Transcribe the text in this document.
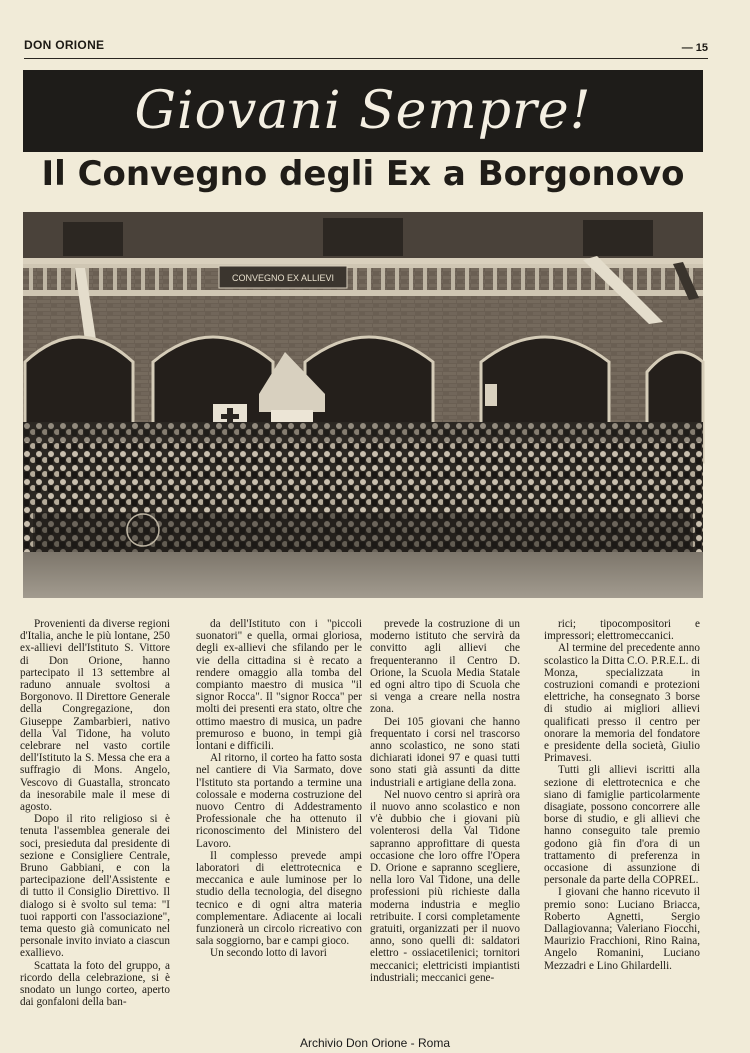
DON ORIONE	— 15
Giovani Sempre!
Il Convegno degli Ex a Borgonovo
CONVEGNO EX ALLIEVI

Provenienti da diverse regioni d'Italia, anche le più lontane, 250 ex-allievi dell'Istituto S. Vittore di Don Orione, hanno partecipato il 13 settembre al raduno annuale svoltosi a Borgonovo. Il Direttore Generale della Congregazione, don Giuseppe Zambarbieri, nativo della Val Tidone, ha voluto celebrare nel vasto cortile dell'Istituto la S. Messa che era a suffragio di Mons. Angelo, Vescovo di Guastalla, stroncato da inesorabile male il mese di agosto.

Dopo il rito religioso si è tenuta l'assemblea generale dei soci, presieduta dal presidente di sezione e Consigliere Centrale, Bruno Gabbiani, e con la partecipazione dell'Assistente e di tutto il Consiglio Direttivo. Il dialogo si è svolto sul tema: "I tuoi rapporti con l'associazione", tema questo già comunicato nel personale invito inviato a ciascun exallievo.

Scattata la foto del gruppo, a ricordo della celebrazione, si è snodato un lungo corteo, aperto dai gonfaloni della ban-

da dell'Istituto con i "piccoli suonatori" e quella, ormai gloriosa, degli ex-allievi che sfilando per le vie della cittadina si è recato a rendere omaggio alla tomba del compianto maestro di musica "il signor Rocca". Il "signor Rocca" per molti dei presenti era stato, oltre che ottimo maestro di musica, un padre premuroso e buono, in tempi già lontani e difficili.

Al ritorno, il corteo ha fatto sosta nel cantiere di Via Sarmato, dove l'Istituto sta portando a termine una colossale e moderna costruzione del nuovo Centro di Addestramento Professionale che ha ottenuto il riconoscimento del Ministero del Lavoro.

Il complesso prevede ampi laboratori di elettrotecnica e meccanica e aule luminose per lo studio della tecnologia, del disegno tecnico e di ogni altra materia complementare. Adiacente ai locali funzionerà un circolo ricreativo con sala soggiorno, bar e campi gioco.

Un secondo lotto di lavori

prevede la costruzione di un moderno istituto che servirà da convitto agli allievi che frequenteranno il Centro D. Orione, la Scuola Media Statale ed ogni altro tipo di Scuola che si venga a creare nella nostra zona.

Dei 105 giovani che hanno frequentato i corsi nel trascorso anno scolastico, ne sono stati dichiarati idonei 97 e quasi tutti sono stati già assunti da ditte industriali e artigiane della zona.

Nel nuovo centro si aprirà ora il nuovo anno scolastico e non v'è dubbio che i giovani più volenterosi della Val Tidone sapranno approfittare di questa occasione che loro offre l'Opera D. Orione e sapranno scegliere, nella loro Val Tidone, una delle professioni più richieste dalla moderna industria e meglio retribuite. I corsi completamente gratuiti, organizzati per il nuovo anno, sono quelli di: saldatori elettro - ossiacetilenici; tornitori meccanici; elettricisti impiantisti industriali; meccanici gene-

rici; tipocompositori e impressori; elettromeccanici.

Al termine del precedente anno scolastico la Ditta C.O. P.R.E.L. di Monza, specializzata in costruzioni comandi e protezioni elettriche, ha consegnato 3 borse di studio ai migliori allievi qualificati presso il centro per onorare la memoria del fondatore e presidente della società, Giulio Primavesi.

Tutti gli allievi iscritti alla sezione di elettrotecnica e che siano di famiglie particolarmente disagiate, possono concorrere alle borse di studio, e gli allievi che hanno conseguito tale premio godono già fin d'ora di un trattamento di preferenza in occasione di assunzione di personale da parte della COPREL.

I giovani che hanno ricevuto il premio sono: Luciano Briacca, Roberto Agnetti, Sergio Dallagiovanna; Valeriano Fiocchi, Maurizio Fracchioni, Rino Raina, Angelo Romanini, Luciano Mezzadri e Lino Ghilardelli.

Archivio Don Orione - Roma
